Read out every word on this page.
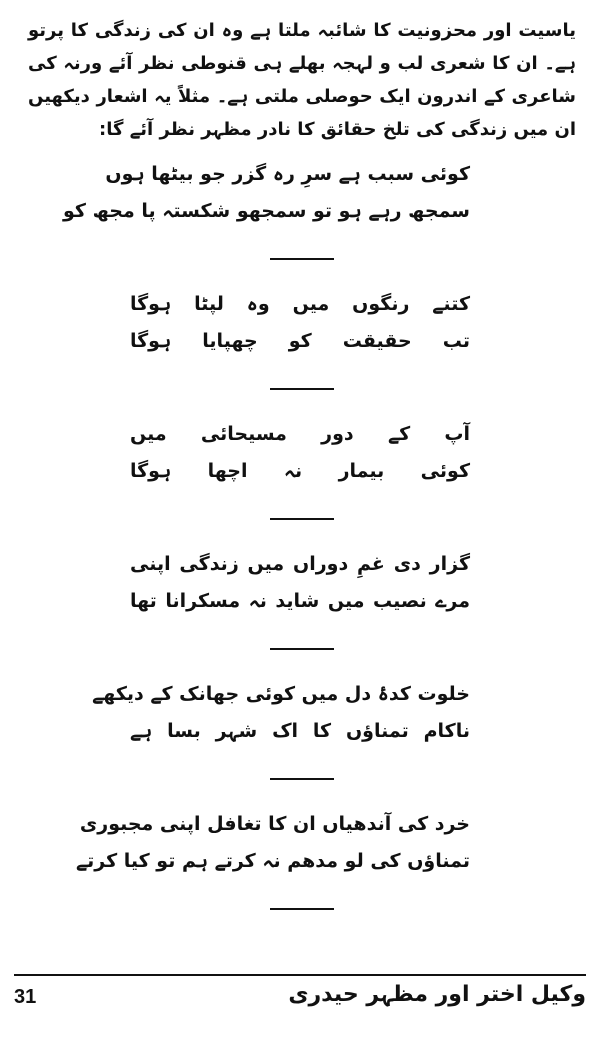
یاسیت اور محزونیت کا شائبہ ملتا ہے وہ ان کی زندگی کا پرتو ہے۔ ان کا شعری لب و لہجہ بھلے ہی قنوطی نظر آئے ورنہ کی شاعری کے اندرون ایک حوصلی ملتی ہے۔ مثلاً یہ اشعار دیکھیں ان میں زندگی کی تلخ حقائق کا نادر مظہر نظر آئے گا:

کوئی سبب ہے سرِ رہ گزر جو بیٹھا ہوں
سمجھ رہے ہو تو سمجھو شکستہ پا مجھ کو
کتنے رنگوں میں وہ لپٹا ہوگا
تب حقیقت کو چھپایا ہوگا
آپ کے دور مسیحائی میں
کوئی بیمار نہ اچھا ہوگا
گزار دی غمِ دوراں میں زندگی اپنی
مرے نصیب میں شاید نہ مسکرانا تھا
خلوت کدۂ دل میں کوئی جھانک کے دیکھے
ناکام تمناؤں کا اک شہر بسا ہے
خرد کی آندھیاں ان کا تغافل اپنی مجبوری
تمناؤں کی لو مدھم نہ کرتے ہم تو کیا کرتے
31	وکیل اختر اور مظہر حیدری
